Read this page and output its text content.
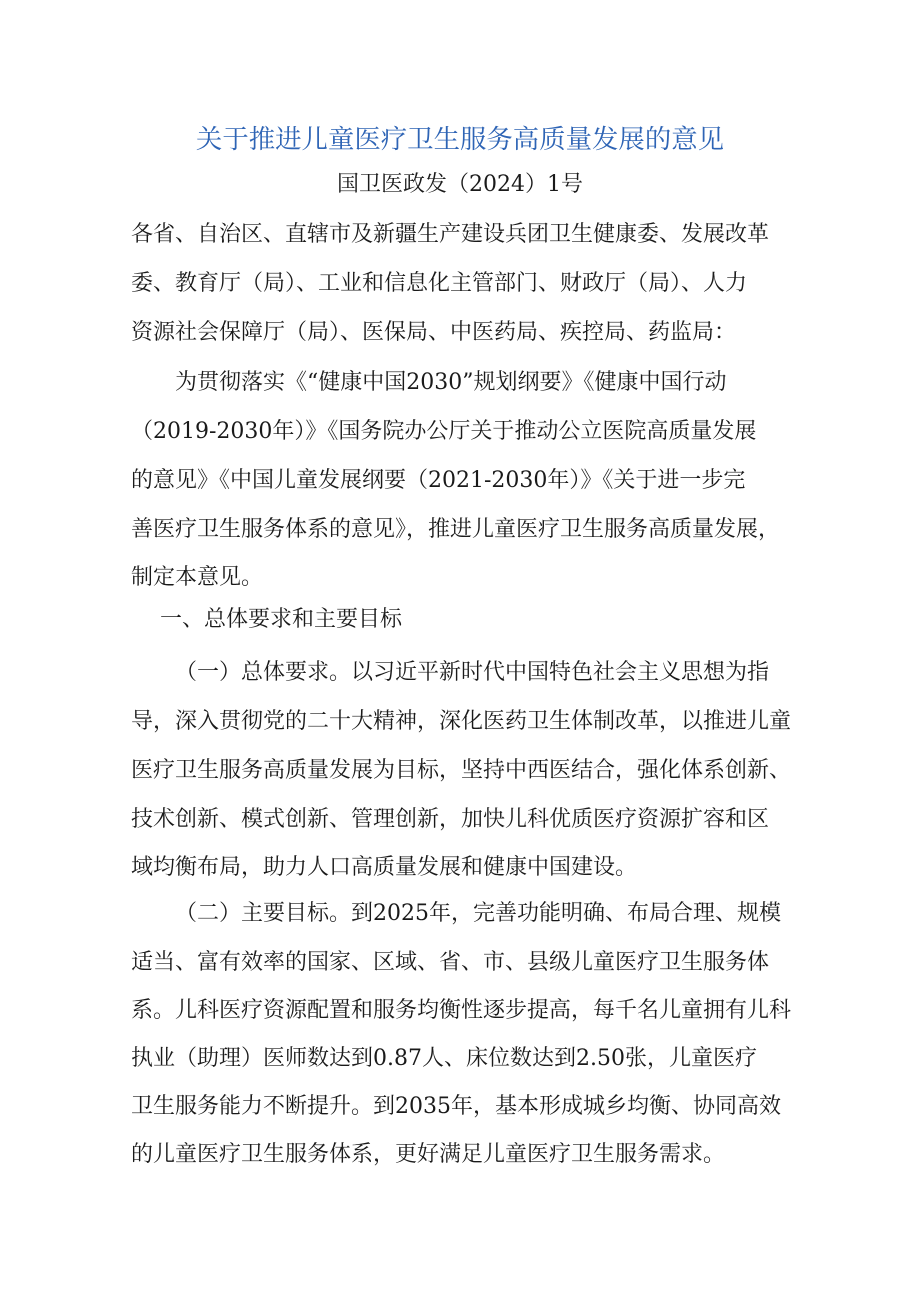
关于推进儿童医疗卫生服务高质量发展的意见
国卫医政发（2024）1号
各省、自治区、直辖市及新疆生产建设兵团卫生健康委、发展改革
委、教育厅（局）、工业和信息化主管部门、财政厅（局）、人力
资源社会保障厅（局）、医保局、中医药局、疾控局、药监局：
为贯彻落实《“健康中国2030”规划纲要》《健康中国行动
（2019-2030年）》《国务院办公厅关于推动公立医院高质量发展
的意见》《中国儿童发展纲要（2021-2030年）》《关于进一步完
善医疗卫生服务体系的意见》，推进儿童医疗卫生服务高质量发展，
制定本意见。
一、总体要求和主要目标
（一）总体要求。以习近平新时代中国特色社会主义思想为指
导，深入贯彻党的二十大精神，深化医药卫生体制改革，以推进儿童
医疗卫生服务高质量发展为目标，坚持中西医结合，强化体系创新、
技术创新、模式创新、管理创新，加快儿科优质医疗资源扩容和区
域均衡布局，助力人口高质量发展和健康中国建设。
（二）主要目标。到2025年，完善功能明确、布局合理、规模
适当、富有效率的国家、区域、省、市、县级儿童医疗卫生服务体
系。儿科医疗资源配置和服务均衡性逐步提高，每千名儿童拥有儿科
执业（助理）医师数达到0.87人、床位数达到2.50张，儿童医疗
卫生服务能力不断提升。到2035年，基本形成城乡均衡、协同高效
的儿童医疗卫生服务体系，更好满足儿童医疗卫生服务需求。
